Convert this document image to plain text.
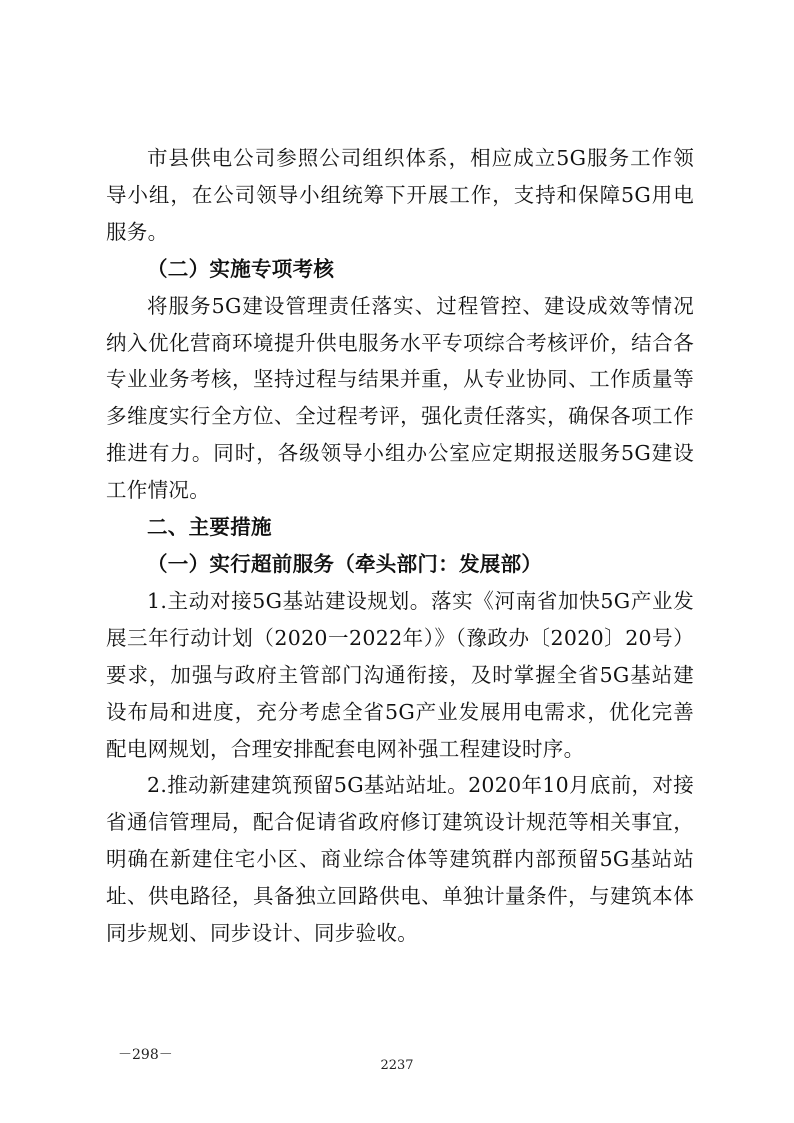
市县供电公司参照公司组织体系，相应成立5G服务工作领导小组，在公司领导小组统筹下开展工作，支持和保障5G用电服务。

（二）实施专项考核

将服务5G建设管理责任落实、过程管控、建设成效等情况纳入优化营商环境提升供电服务水平专项综合考核评价，结合各专业业务考核，坚持过程与结果并重，从专业协同、工作质量等多维度实行全方位、全过程考评，强化责任落实，确保各项工作推进有力。同时，各级领导小组办公室应定期报送服务5G建设工作情况。

二、主要措施

（一）实行超前服务（牵头部门：发展部）

1.主动对接5G基站建设规划。落实《河南省加快5G产业发展三年行动计划（2020一2022年）》（豫政办〔2020〕20号）要求，加强与政府主管部门沟通衔接，及时掌握全省5G基站建设布局和进度，充分考虑全省5G产业发展用电需求，优化完善配电网规划，合理安排配套电网补强工程建设时序。

2.推动新建建筑预留5G基站站址。2020年10月底前，对接省通信管理局，配合促请省政府修订建筑设计规范等相关事宜，明确在新建住宅小区、商业综合体等建筑群内部预留5G基站站址、供电路径，具备独立回路供电、单独计量条件，与建筑本体同步规划、同步设计、同步验收。

－298－
2237
